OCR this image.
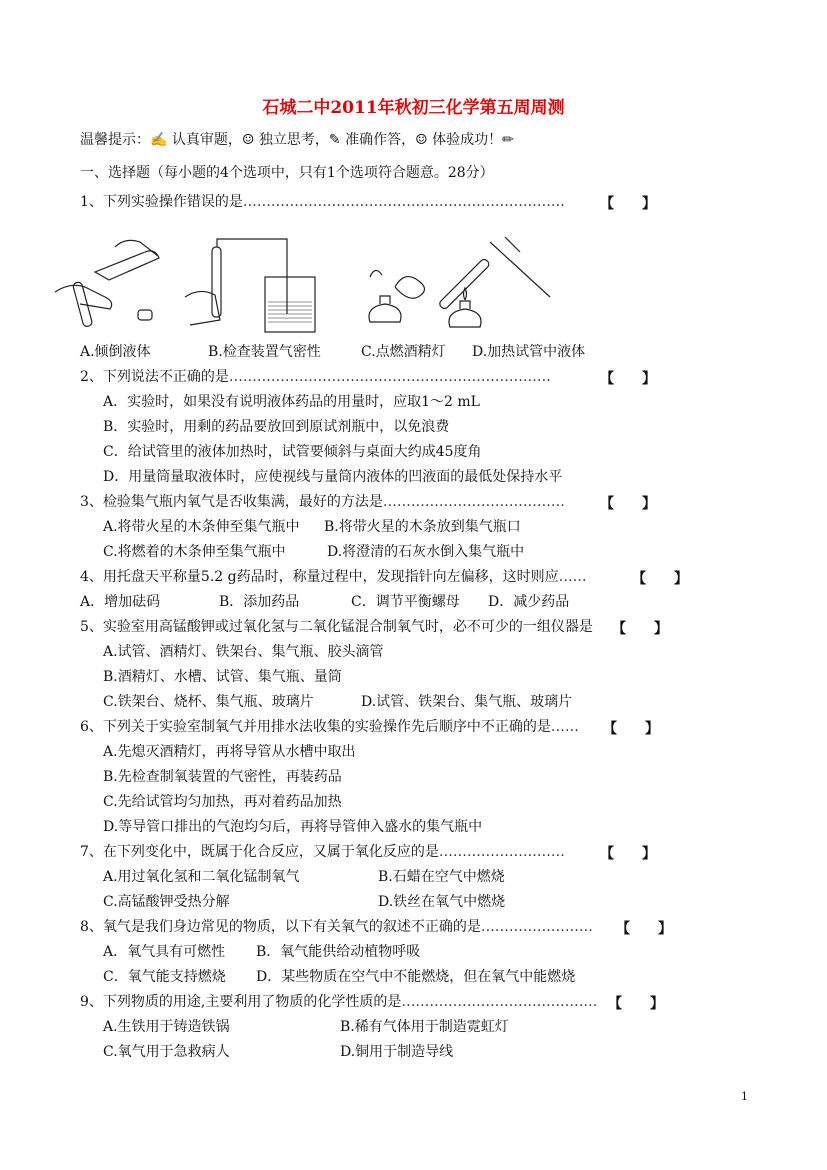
石城二中2011年秋初三化学第五周周测
温馨提示：✍ 认真审题，☺ 独立思考，✎ 准确作答，☺ 体验成功！✏
一、选择题（每小题的4个选项中，只有1个选项符合题意。28分）
1、下列实验操作错误的是……………………………………………………………	【　　】
A.倾倒液体	B.检查装置气密性	C.点燃酒精灯 D.加热试管中液体
2、下列说法不正确的是……………………………………………………………	【　　】
A．实验时，如果没有说明液体药品的用量时，应取1～2 mL
B．实验时，用剩的药品要放回到原试剂瓶中，以免浪费
C．给试管里的液体加热时，试管要倾斜与桌面大约成45度角
D．用量筒量取液体时，应使视线与量筒内液体的凹液面的最低处保持水平
3、检验集气瓶内氧气是否收集满，最好的方法是…………………………………	【　　】
A.将带火星的木条伸至集气瓶中 B.将带火星的木条放到集气瓶口
C.将燃着的木条伸至集气瓶中	D.将澄清的石灰水倒入集气瓶中
4、用托盘天平称量5.2 g药品时，称量过程中，发现指针向左偏移，这时则应……	【　　】
A．增加砝码	B．添加药品	C．调节平衡螺母 D．减少药品
5、实验室用高锰酸钾或过氧化氢与二氧化锰混合制氧气时，必不可少的一组仪器是 【　　】
A.试管、酒精灯、铁架台、集气瓶、胶头滴管
B.酒精灯、水槽、试管、集气瓶、量筒
C.铁架台、烧杯、集气瓶、玻璃片	D.试管、铁架台、集气瓶、玻璃片
6、下列关于实验室制氧气并用排水法收集的实验操作先后顺序中不正确的是…… 【　　】
A.先熄灭酒精灯，再将导管从水槽中取出
B.先检查制氧装置的气密性，再装药品
C.先给试管均匀加热，再对着药品加热
D.等导管口排出的气泡均匀后，再将导管伸入盛水的集气瓶中
7、在下列变化中，既属于化合反应，又属于氧化反应的是………………………	【　　】
A.用过氧化氢和二氧化锰制氧气	B.石蜡在空气中燃烧
C.高锰酸钾受热分解	D.铁丝在氧气中燃烧
8、氧气是我们身边常见的物质，以下有关氧气的叙述不正确的是…………………… 【　　】
A．氧气具有可燃性 B．氧气能供给动植物呼吸
C．氧气能支持燃烧 D．某些物质在空气中不能燃烧，但在氧气中能燃烧
9、下列物质的用途,主要利用了物质的化学性质的是…………………………………… 【　　】
A.生铁用于铸造铁锅	B.稀有气体用于制造霓虹灯
C.氧气用于急救病人	D.铜用于制造导线
1
